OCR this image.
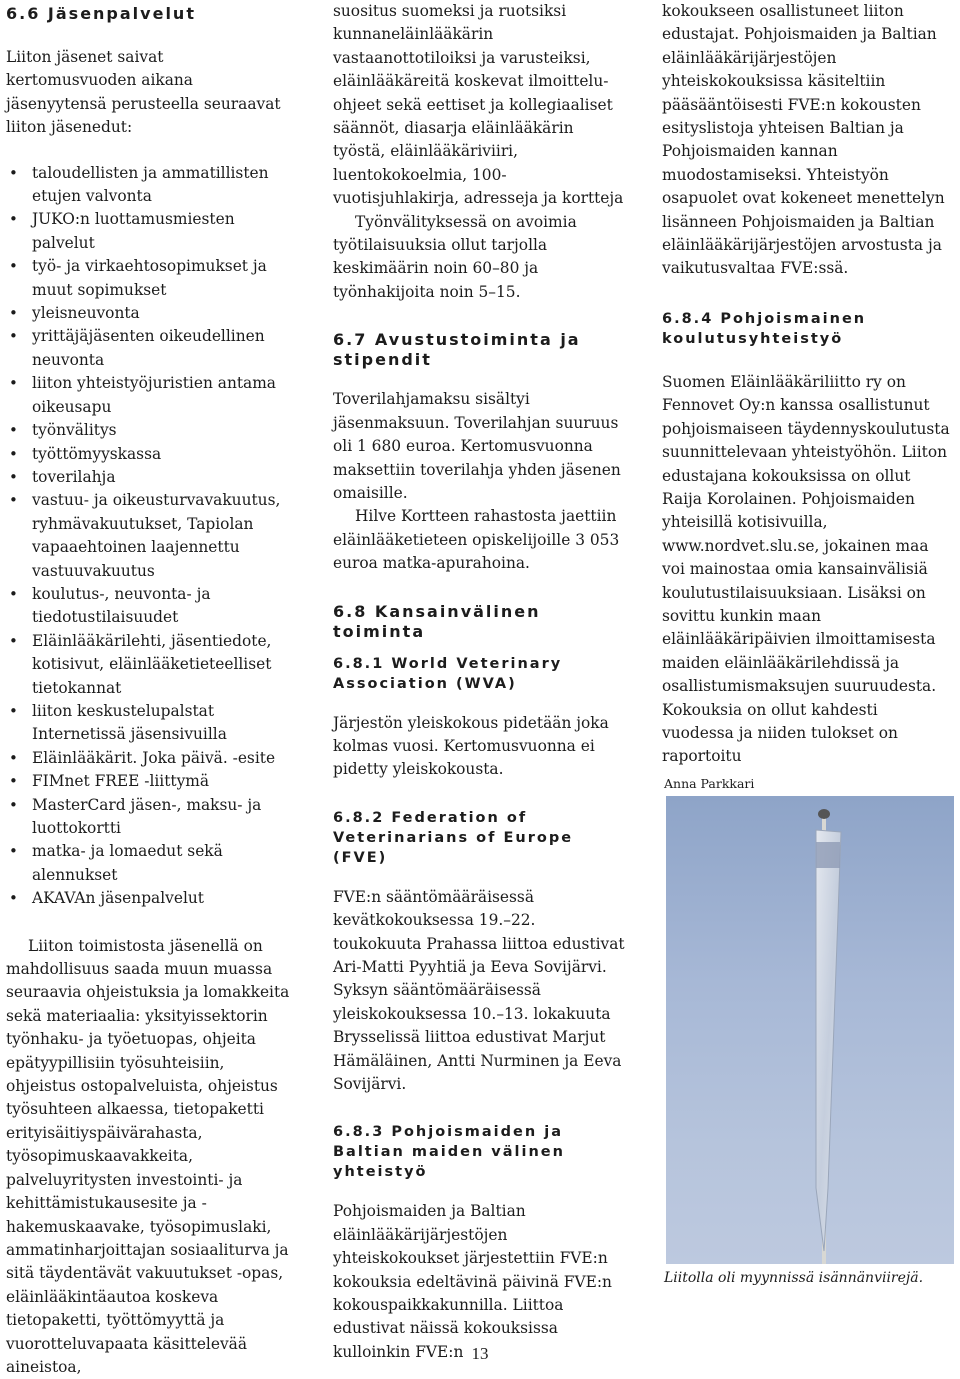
6.6 Jäsenpalvelut

Liiton jäsenet saivat kertomusvuoden aikana jäsenyytensä perusteella seuraavat liiton jäsenedut:

• taloudellisten ja ammatillisten etujen valvonta
• JUKO:n luottamusmiesten palvelut
• työ- ja virkaehtosopimukset ja muut sopimukset
• yleisneuvonta
• yrittäjäjäsenten oikeudellinen neuvonta
• liiton yhteistyöjuristien antama oikeusapu
• työnvälitys
• työttömyyskassa
• toverilahja
• vastuu- ja oikeusturvavakuutus, ryhmävakuutukset, Tapiolan vapaaehtoinen laajennettu vastuuvakuutus
• koulutus-, neuvonta- ja tiedotustilaisuudet
• Eläinlääkärilehti, jäsentiedote, kotisivut, eläinlääketieteelliset tietokannat
• liiton keskustelupalstat Internetissä jäsensivuilla
• Eläinlääkärit. Joka päivä. -esite
• FIMnet FREE -liittymä
• MasterCard jäsen-, maksu- ja luottokortti
• matka- ja lomaedut sekä alennukset
• AKAVAn jäsenpalvelut

Liiton toimistosta jäsenellä on mahdollisuus saada muun muassa seuraavia ohjeistuksia ja lomakkeita sekä materiaalia: yksityissektorin työnhaku- ja työetuopas, ohjeita epätyypillisiin työsuhteisiin, ohjeistus ostopalveluista, ohjeistus työsuhteen alkaessa, tietopaketti erityisäitiyspäivärahasta, työsopimuskaavakkeita, palveluyritysten investointi- ja kehittämistukausesite ja -hakemuskaavake, työsopimuslaki, ammatinharjoittajan sosiaaliturva ja sitä täydentävät vakuutukset -opas, eläinlääkintäautoa koskeva tietopaketti, työttömyyttä ja vuorotteluvapaata käsittelevää aineistoa,

suositus suomeksi ja ruotsiksi kunnaneläinlääkärin vastaanottotiloiksi ja varusteiksi, eläinlääkäreitä koskevat ilmoitteluohjeet sekä eettiset ja kollegiaaliset säännöt, diasarja eläinlääkärin työstä, eläinlääkäriviiri, luentokokoelmia, 100-vuotisjuhlakirja, adresseja ja kortteja

Työnvälityksessä on avoimia työtilaisuuksia ollut tarjolla keskimäärin noin 60–80 ja työnhakijoita noin 5–15.

6.7 Avustustoiminta ja stipendit

Toverilahjamaksu sisältyi jäsenmaksuun. Toverilahjan suuruus oli 1 680 euroa. Kertomusvuonna maksettiin toverilahja yhden jäsenen omaisille.

Hilve Kortteen rahastosta jaettiin eläinlääketieteen opiskelijoille 3 053 euroa matka-apurahoina.

6.8 Kansainvälinen toiminta

6.8.1 World Veterinary Association (WVA)

Järjestön yleiskokous pidetään joka kolmas vuosi. Kertomusvuonna ei pidetty yleiskokousta.

6.8.2 Federation of Veterinarians of Europe (FVE)

FVE:n sääntömääräisessä kevätkokouksessa 19.–22. toukokuuta Prahassa liittoa edustivat Ari-Matti Pyyhtiä ja Eeva Sovijärvi. Syksyn sääntömääräisessä yleiskokouksessa 10.–13. lokakuuta Brysselissä liittoa edustivat Marjut Hämäläinen, Antti Nurminen ja Eeva Sovijärvi.

6.8.3 Pohjoismaiden ja Baltian maiden välinen yhteistyö

Pohjoismaiden ja Baltian eläinlääkärijärjestöjen yhteiskokoukset järjestettiin FVE:n kokouksia edeltävinä päivinä FVE:n kokouspaikkakunnilla. Liittoa edustivat näissä kokouksissa kulloinkin FVE:n

kokoukseen osallistuneet liiton edustajat. Pohjoismaiden ja Baltian eläinlääkärijärjestöjen yhteiskokouksissa käsiteltiin pääsääntöisesti FVE:n kokousten esityslistoja yhteisen Baltian ja Pohjoismaiden kannan muodostamiseksi. Yhteistyön osapuolet ovat kokeneet menettelyn lisänneen Pohjoismaiden ja Baltian eläinlääkärijärjestöjen arvostusta ja vaikutusvaltaa FVE:ssä.

6.8.4 Pohjoismainen koulutusyhteistyö

Suomen Eläinlääkäriliitto ry on Fennovet Oy:n kanssa osallistunut pohjoismaiseen täydennyskoulutusta suunnittelevaan yhteistyöhön. Liiton edustajana kokouksissa on ollut Raija Korolainen. Pohjoismaiden yhteisillä kotisivuilla, www.nordvet.slu.se, jokainen maa voi mainostaa omia kansainvälisiä koulutustilaisuuksiaan. Lisäksi on sovittu kunkin maan eläinlääkäripäivien ilmoittamisesta maiden eläinlääkärilehdissä ja osallistumismaksujen suuruudesta. Kokouksia on ollut kahdesti vuodessa ja niiden tulokset on raportoitu

Anna Parkkari
Liitolla oli myynnissä isännänviirejä.
13
